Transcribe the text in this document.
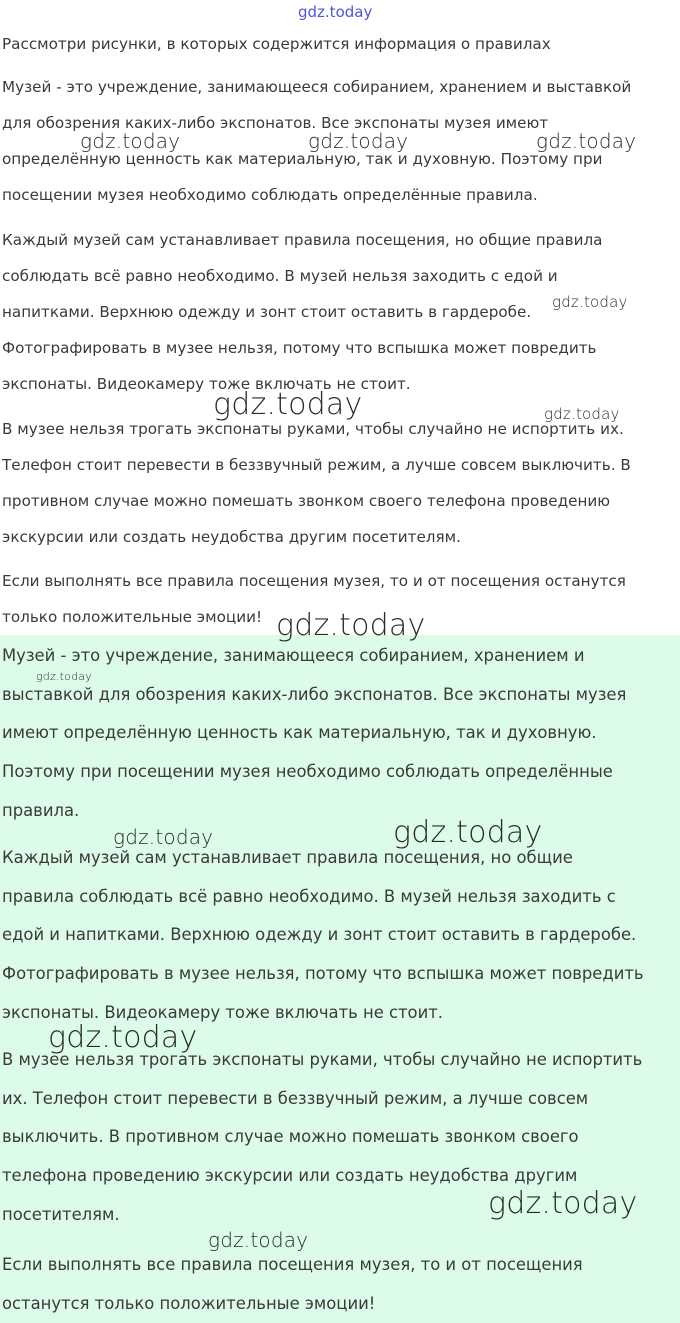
Рассмотри рисунки, в которых содержится информация о правилах
Музей - это учреждение, занимающееся собиранием, хранением и выставкой
для обозрения каких-либо экспонатов. Все экспонаты музея имеют
определённую ценность как материальную, так и духовную. Поэтому при
посещении музея необходимо соблюдать определённые правила.
Каждый музей сам устанавливает правила посещения, но общие правила
соблюдать всё равно необходимо. В музей нельзя заходить с едой и
напитками. Верхнюю одежду и зонт стоит оставить в гардеробе.
Фотографировать в музее нельзя, потому что вспышка может повредить
экспонаты. Видеокамеру тоже включать не стоит.
В музее нельзя трогать экспонаты руками, чтобы случайно не испортить их.
Телефон стоит перевести в беззвучный режим, а лучше совсем выключить. В
противном случае можно помешать звонком своего телефона проведению
экскурсии или создать неудобства другим посетителям.
Если выполнять все правила посещения музея, то и от посещения останутся
только положительные эмоции!
Музей - это учреждение, занимающееся собиранием, хранением и
выставкой для обозрения каких-либо экспонатов. Все экспонаты музея
имеют определённую ценность как материальную, так и духовную.
Поэтому при посещении музея необходимо соблюдать определённые
правила.
Каждый музей сам устанавливает правила посещения, но общие
правила соблюдать всё равно необходимо. В музей нельзя заходить с
едой и напитками. Верхнюю одежду и зонт стоит оставить в гардеробе.
Фотографировать в музее нельзя, потому что вспышка может повредить
экспонаты. Видеокамеру тоже включать не стоит.
В музее нельзя трогать экспонаты руками, чтобы случайно не испортить
их. Телефон стоит перевести в беззвучный режим, а лучше совсем
выключить. В противном случае можно помешать звонком своего
телефона проведению экскурсии или создать неудобства другим
посетителям.
Если выполнять все правила посещения музея, то и от посещения
останутся только положительные эмоции!
gdz.today
gdz.today	gdz.today	gdz.today
gdz.today
gdz.today	gdz.today
gdz.today
gdz.today
gdz.today	gdz.today
gdz.today
gdz.today
gdz.today
